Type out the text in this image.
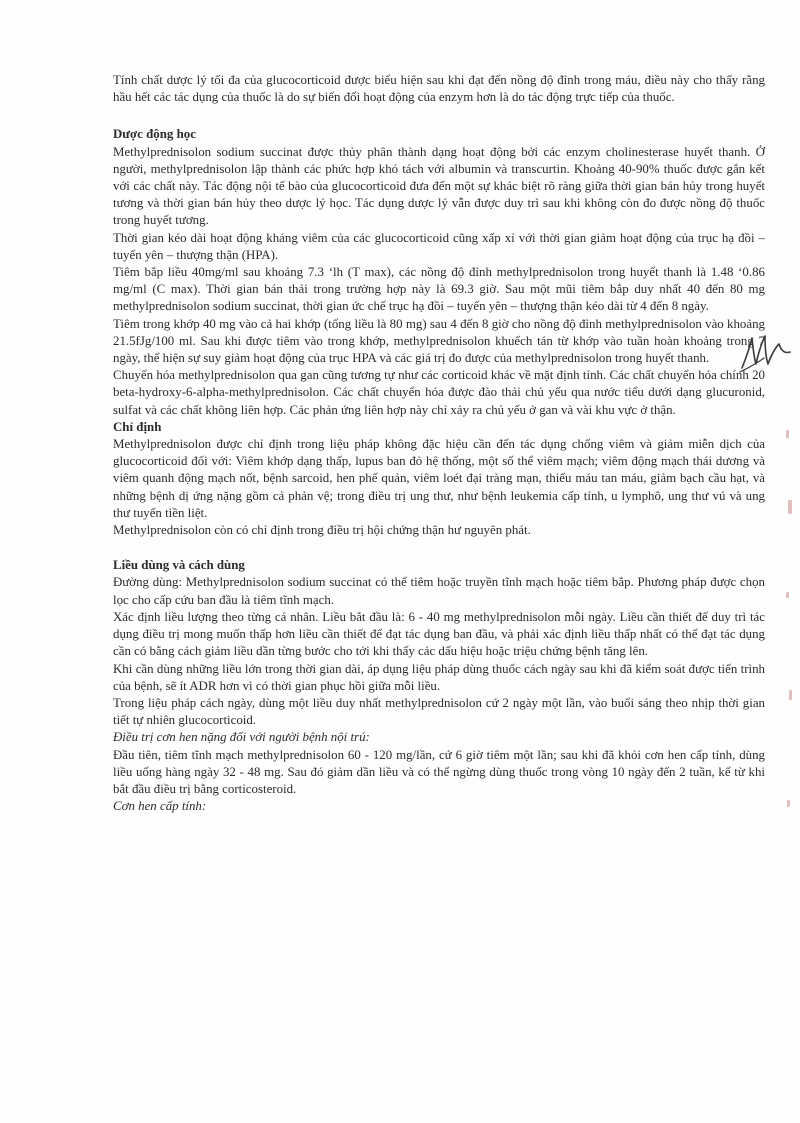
Tính chất dược lý tối đa của glucocorticoid được biểu hiện sau khi đạt đến nồng độ đỉnh trong máu, điều này cho thấy rằng hầu hết các tác dụng của thuốc là do sự biến đổi hoạt động của enzym hơn là do tác động trực tiếp của thuốc.

Dược động học

Methylprednisolon sodium succinat được thủy phân thành dạng hoạt động bởi các enzym cholinesterase huyết thanh. Ở người, methylprednisolon lập thành các phức hợp khó tách với albumin và transcurtin. Khoảng 40-90% thuốc được gắn kết với các chất này. Tác động nội tế bào của glucocorticoid đưa đến một sự khác biệt rõ ràng giữa thời gian bán hủy trong huyết tương và thời gian bán hủy theo dược lý học. Tác dụng dược lý vẫn được duy trì sau khi không còn đo được nồng độ thuốc trong huyết tương.

Thời gian kéo dài hoạt động kháng viêm của các glucocorticoid cũng xấp xỉ với thời gian giảm hoạt động của trục hạ đồi – tuyến yên – thượng thận (HPA).

Tiêm bắp liều 40mg/ml sau khoảng 7.3 ‘lh (T max), các nồng độ đỉnh methylprednisolon trong huyết thanh là 1.48 ‘0.86 mg/ml (C max). Thời gian bán thải trong trường hợp này là 69.3 giờ. Sau một mũi tiêm bắp duy nhất 40 đến 80 mg methylprednisolon sodium succinat, thời gian ức chế trục hạ đồi – tuyến yên – thượng thận kéo dài từ 4 đến 8 ngày.

Tiêm trong khớp 40 mg vào cả hai khớp (tổng liều là 80 mg) sau 4 đến 8 giờ cho nồng độ đỉnh methylprednisolon vào khoảng 21.5fJg/100 ml. Sau khi được tiêm vào trong khớp, methylprednisolon khuếch tán từ khớp vào tuần hoàn khoảng trong 7 ngày, thể hiện sự suy giảm hoạt động của trục HPA và các giá trị đo được của methylprednisolon trong huyết thanh.

Chuyển hóa methylprednisolon qua gan cũng tương tự như các corticoid khác về mặt định tính. Các chất chuyển hóa chính 20 beta-hydroxy-6-alpha-methylprednisolon. Các chất chuyển hóa được đào thải chủ yếu qua nước tiểu dưới dạng glucuronid, sulfat và các chất không liên hợp. Các phản ứng liên hợp này chỉ xảy ra chủ yếu ở gan và vài khu vực ở thận.

Chỉ định

Methylprednisolon được chỉ định trong liệu pháp không đặc hiệu cần đến tác dụng chống viêm và giảm miễn dịch của glucocorticoid đối với: Viêm khớp dạng thấp, lupus ban đỏ hệ thống, một số thể viêm mạch; viêm động mạch thái dương và viêm quanh động mạch nốt, bệnh sarcoid, hen phế quản, viêm loét đại tràng mạn, thiếu máu tan máu, giảm bạch cầu hạt, và những bệnh dị ứng nặng gồm cả phản vệ; trong điều trị ung thư, như bệnh leukemia cấp tính, u lymphô, ung thư vú và ung thư tuyến tiền liệt.

Methylprednisolon còn có chỉ định trong điều trị hội chứng thận hư nguyên phát.

Liều dùng và cách dùng

Đường dùng: Methylprednisolon sodium succinat có thể tiêm hoặc truyền tĩnh mạch hoặc tiêm bắp. Phương pháp được chọn lọc cho cấp cứu ban đầu là tiêm tĩnh mạch.

Xác định liều lượng theo từng cá nhân. Liều bắt đầu là: 6 - 40 mg methylprednisolon mỗi ngày. Liều cần thiết để duy trì tác dụng điều trị mong muốn thấp hơn liều cần thiết để đạt tác dụng ban đầu, và phải xác định liều thấp nhất có thể đạt tác dụng cần có bằng cách giảm liều dần từng bước cho tới khi thấy các dấu hiệu hoặc triệu chứng bệnh tăng lên.

Khi cần dùng những liều lớn trong thời gian dài, áp dụng liệu pháp dùng thuốc cách ngày sau khi đã kiểm soát được tiến trình của bệnh, sẽ ít ADR hơn vì có thời gian phục hồi giữa mỗi liều.

Trong liệu pháp cách ngày, dùng một liều duy nhất methylprednisolon cứ 2 ngày một lần, vào buổi sáng theo nhịp thời gian tiết tự nhiên glucocorticoid.

Điều trị cơn hen nặng đối với người bệnh nội trú:

Đầu tiên, tiêm tĩnh mạch methylprednisolon 60 - 120 mg/lần, cứ 6 giờ tiêm một lần; sau khi đã khỏi cơn hen cấp tính, dùng liều uống hàng ngày 32 - 48 mg. Sau đó giảm dần liều và có thể ngừng dùng thuốc trong vòng 10 ngày đến 2 tuần, kể từ khi bắt đầu điều trị bằng corticosteroid.

Cơn hen cấp tính:
